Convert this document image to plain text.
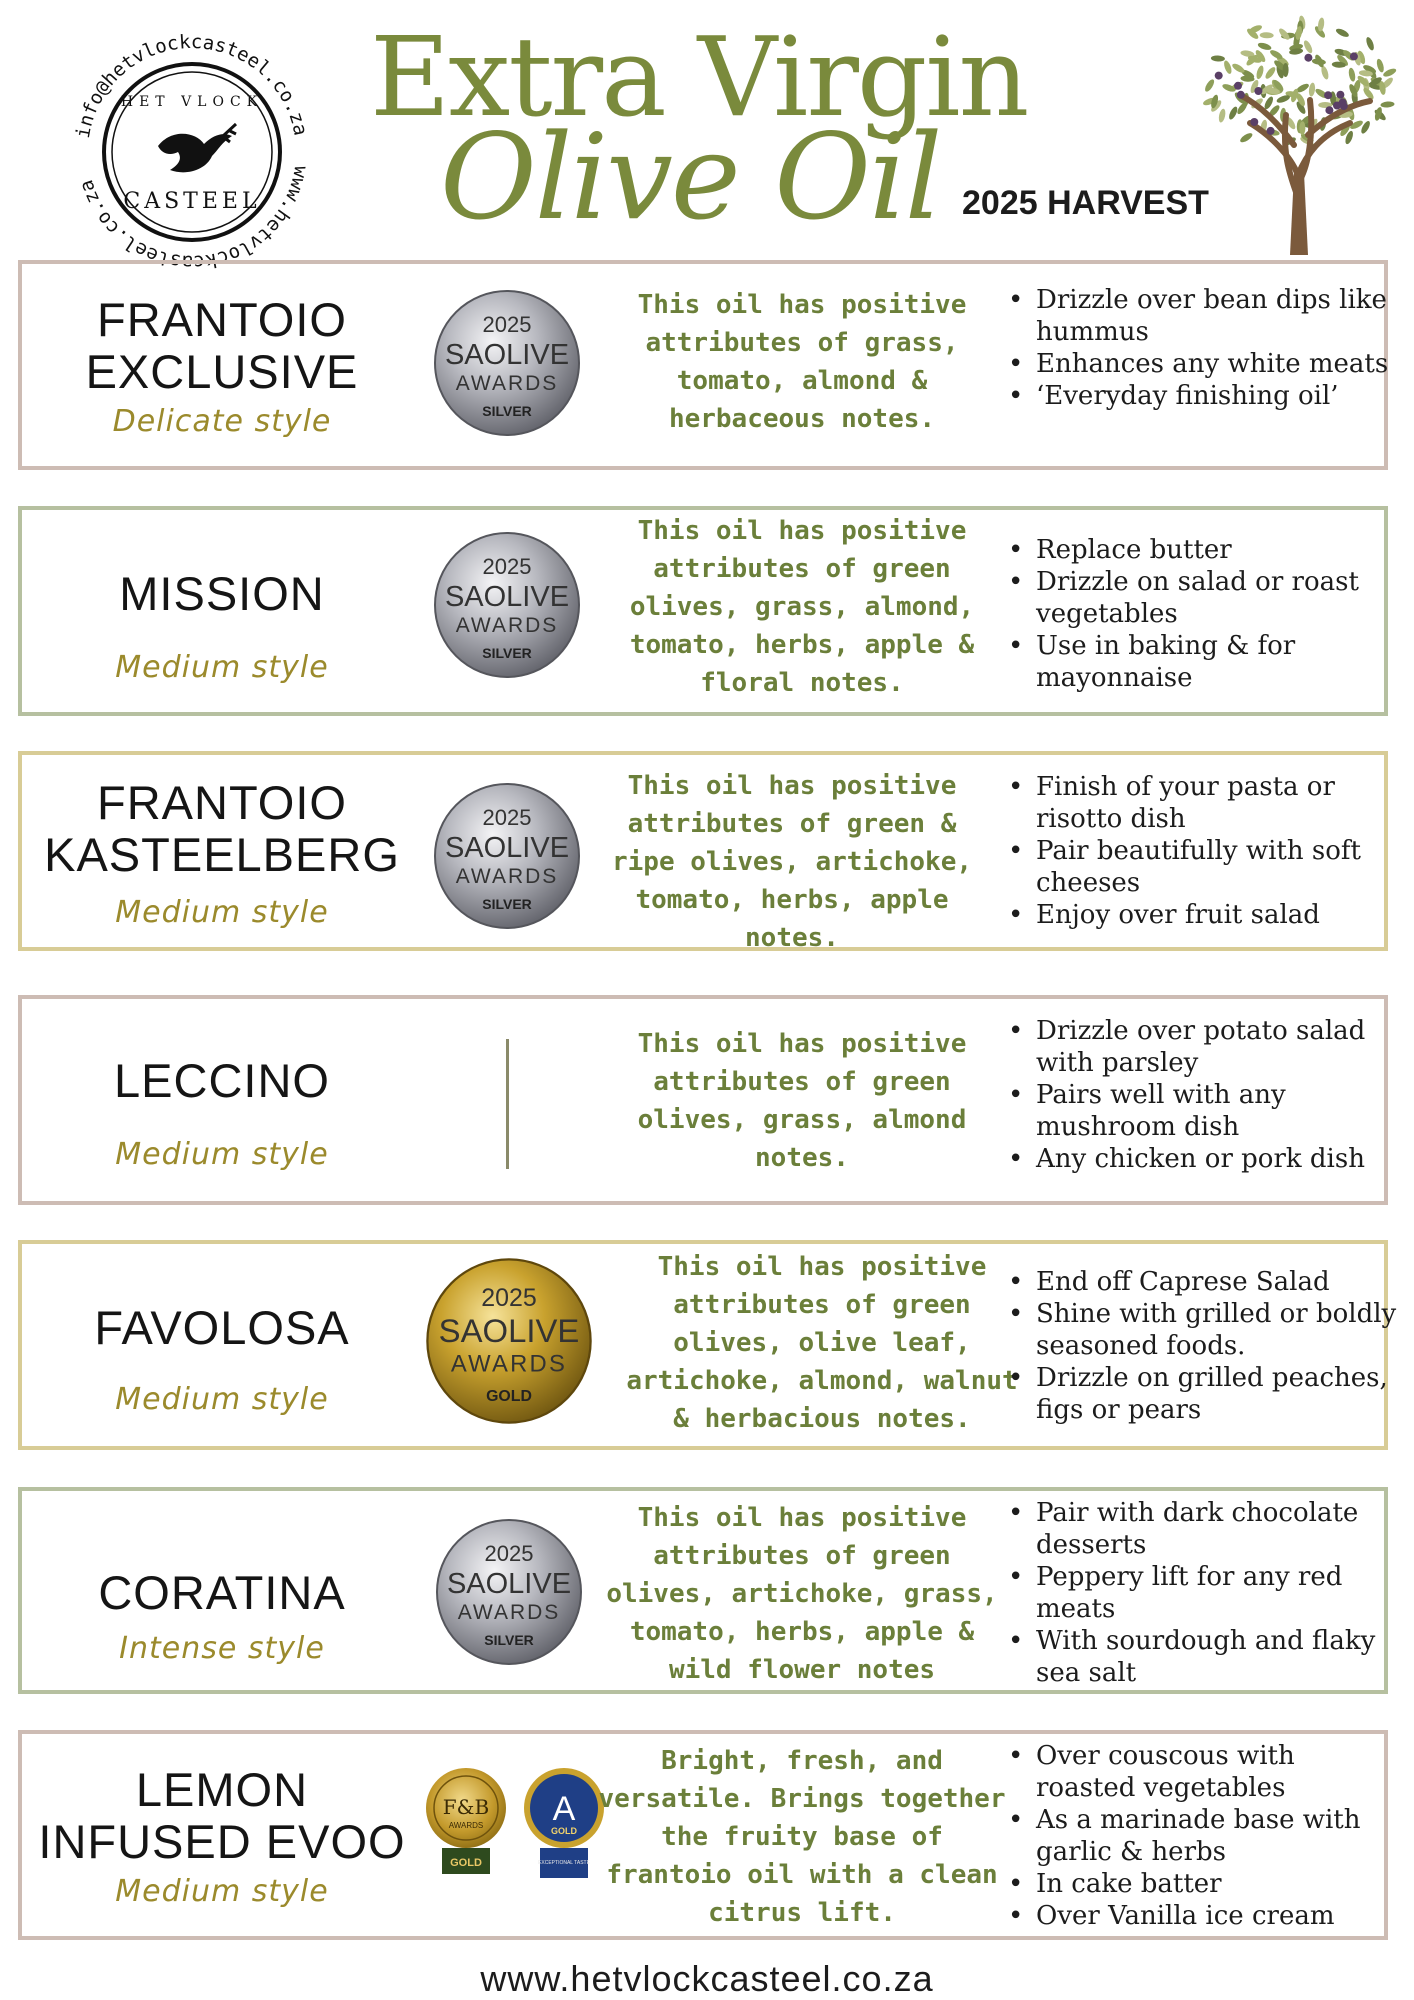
www.hetvlockcasteel.co.za
info@hetvlockcasteel.co.za
HET VLOCK
CASTEEL
Extra Virgin
Olive Oil 2025 HARVEST
FRANTOIO
EXCLUSIVE
Delicate style
2025
SAOLIVE
AWARDS
SILVER
This oil has positive attributes of grass, tomato, almond & herbaceous notes.
• Drizzle over bean dips like hummus
• Enhances any white meats
• ‘Everyday finishing oil’
MISSION
Medium style
2025
SAOLIVE
AWARDS
SILVER
This oil has positive attributes of green olives, grass, almond, tomato, herbs, apple & floral notes.
• Replace butter
• Drizzle on salad or roast vegetables
• Use in baking & for mayonnaise
FRANTOIO
KASTEELBERG
Medium style
2025
SAOLIVE
AWARDS
SILVER
This oil has positive attributes of green & ripe olives, artichoke, tomato, herbs, apple notes.
• Finish of your pasta or risotto dish
• Pair beautifully with soft cheeses
• Enjoy over fruit salad
LECCINO
Medium style
This oil has positive attributes of green olives, grass, almond notes.
• Drizzle over potato salad with parsley
• Pairs well with any mushroom dish
• Any chicken or pork dish
FAVOLOSA
Medium style
2025
SAOLIVE
AWARDS
GOLD
This oil has positive attributes of green olives, olive leaf, artichoke, almond, walnut & herbacious notes.
• End off Caprese Salad
• Shine with grilled or boldly seasoned foods.
• Drizzle on grilled peaches, figs or pears
CORATINA
Intense style
2025
SAOLIVE
AWARDS
SILVER
This oil has positive attributes of green olives, artichoke, grass, tomato, herbs, apple & wild flower notes
• Pair with dark chocolate desserts
• Peppery lift for any red meats
• With sourdough and flaky sea salt
LEMON
INFUSED EVOO
Medium style
F&B
AWARDS
GOLD
A
GOLD
EXCEPTIONAL TASTE
Bright, fresh, and versatile. Brings together the fruity base of frantoio oil with a clean citrus lift.
• Over couscous with roasted vegetables
• As a marinade base with garlic & herbs
• In cake batter
• Over Vanilla ice cream
www.hetvlockcasteel.co.za
